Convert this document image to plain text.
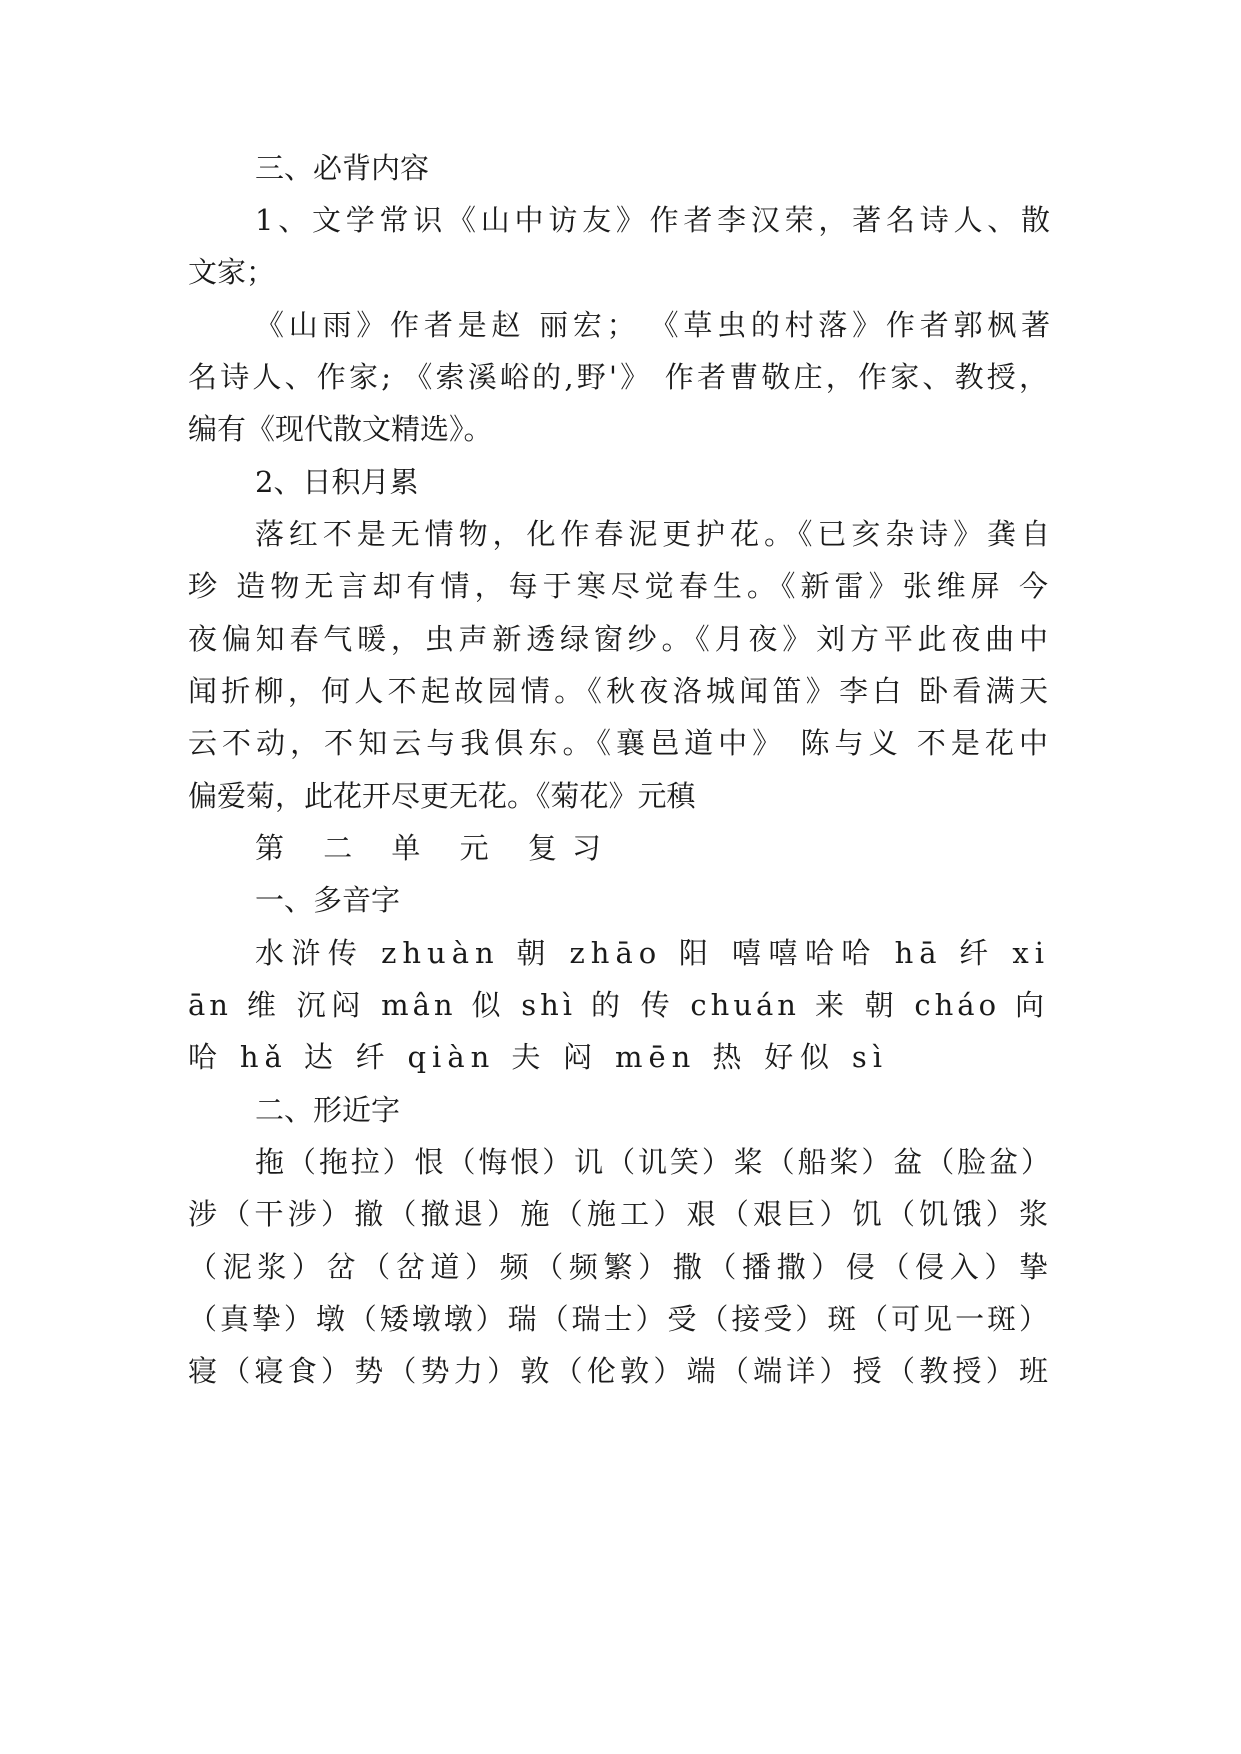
三、必背内容
1、文学常识《山中访友》作者李汉荣，著名诗人、散
文家；
《山雨》作者是赵 丽宏； 《草虫的村落》作者郭枫著
名诗人、作家; 《索溪峪的,野'》 作者曹敬庄，作家、教授，
编有《现代散文精选》。
2、日积月累
落红不是无情物，化作春泥更护花。《已亥杂诗》龚自
珍 造物无言却有情，每于寒尽觉春生。《新雷》张维屏 今
夜偏知春气暖，虫声新透绿窗纱。《月夜》刘方平此夜曲中
闻折柳，何人不起故园情。《秋夜洛城闻笛》李白 卧看满天
云不动，不知云与我俱东。《襄邑道中》 陈与义 不是花中
偏爱菊，此花开尽更无花。《菊花》元稹
第 二 单 元 复习
一、多音字
水浒传 zhuàn 朝 zhāo 阳 嘻嘻哈哈 hā 纤 xi
ān 维 沉闷 mân 似 shì 的 传 chuán 来 朝 cháo 向
哈 hǎ 达 纤 qiàn 夫 闷 mēn 热 好似 sì
二、形近字
拖（拖拉）恨（悔恨）讥（讥笑）桨（船桨）盆（脸盆）
涉（干涉）撤（撤退）施（施工）艰（艰巨）饥（饥饿）浆
（泥浆）岔（岔道）频（频繁）撒（播撒）侵（侵入）挚
（真挚）墩（矮墩墩）瑞（瑞士）受（接受）斑（可见一斑）
寝（寝食）势（势力）敦（伦敦）端（端详）授（教授）班
